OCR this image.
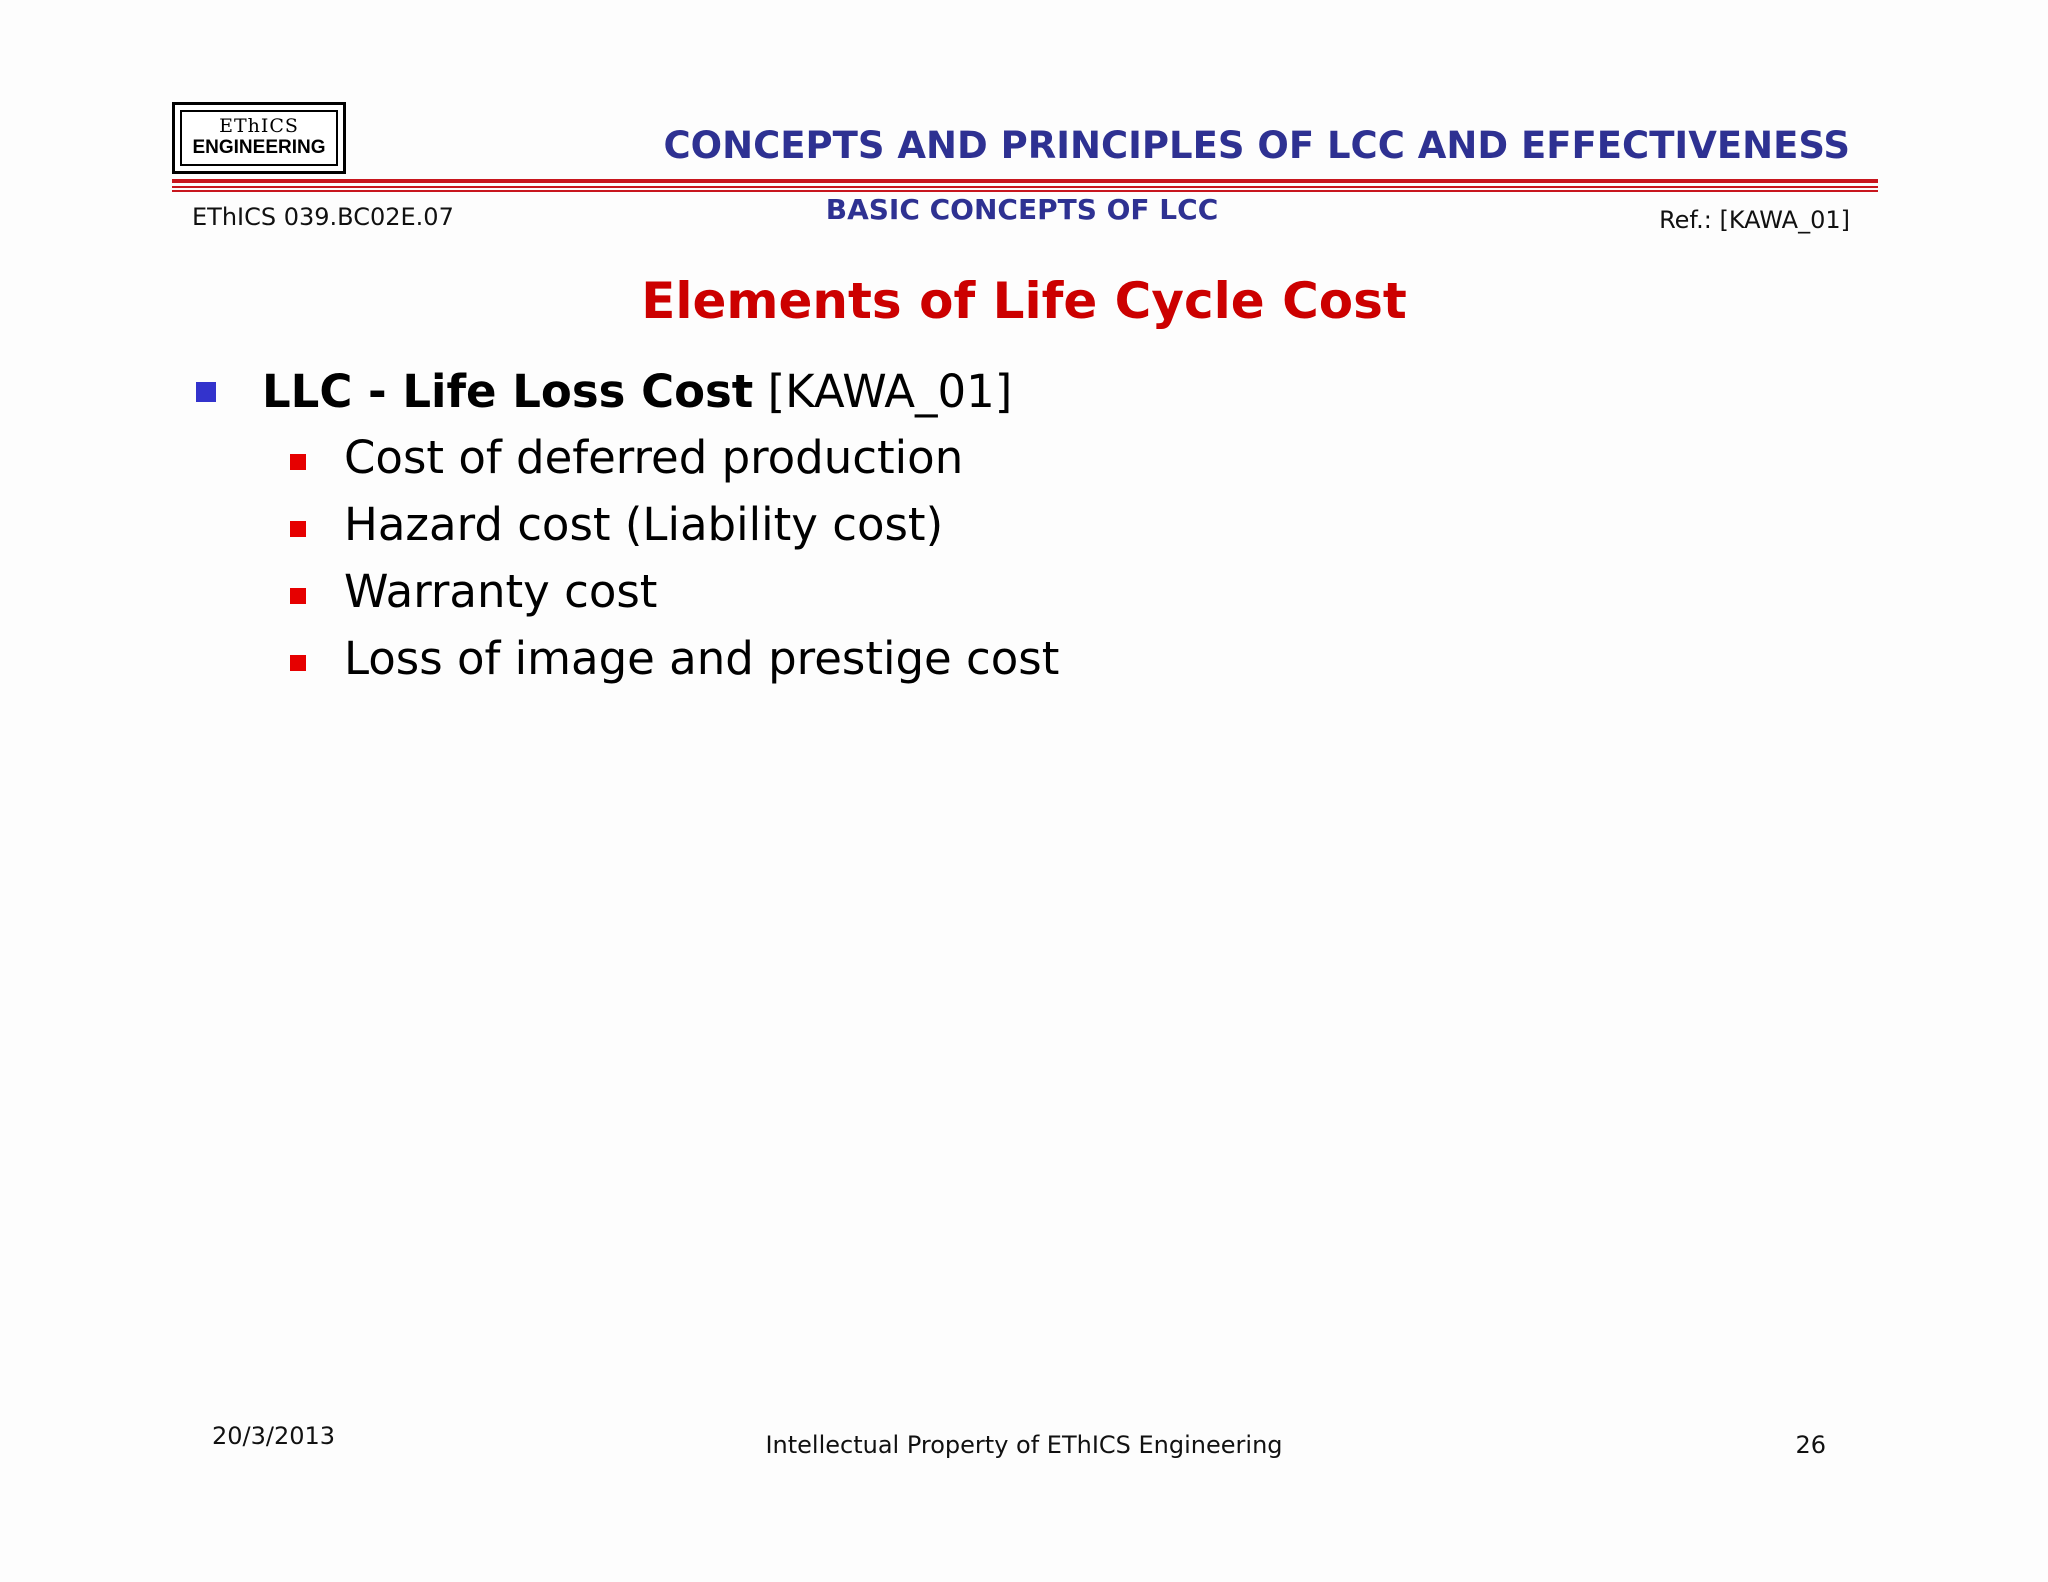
EThICS
ENGINEERING	CONCEPTS AND PRINCIPLES OF LCC AND EFFECTIVENESS
EThICS 039.BC02E.07	BASIC CONCEPTS OF LCC	Ref.: [KAWA_01]
Elements of Life Cycle Cost
LLC - Life Loss Cost [KAWA_01]
Cost of deferred production
Hazard cost (Liability cost)
Warranty cost
Loss of image and prestige cost
20/3/2013	Intellectual Property of EThICS Engineering	26
